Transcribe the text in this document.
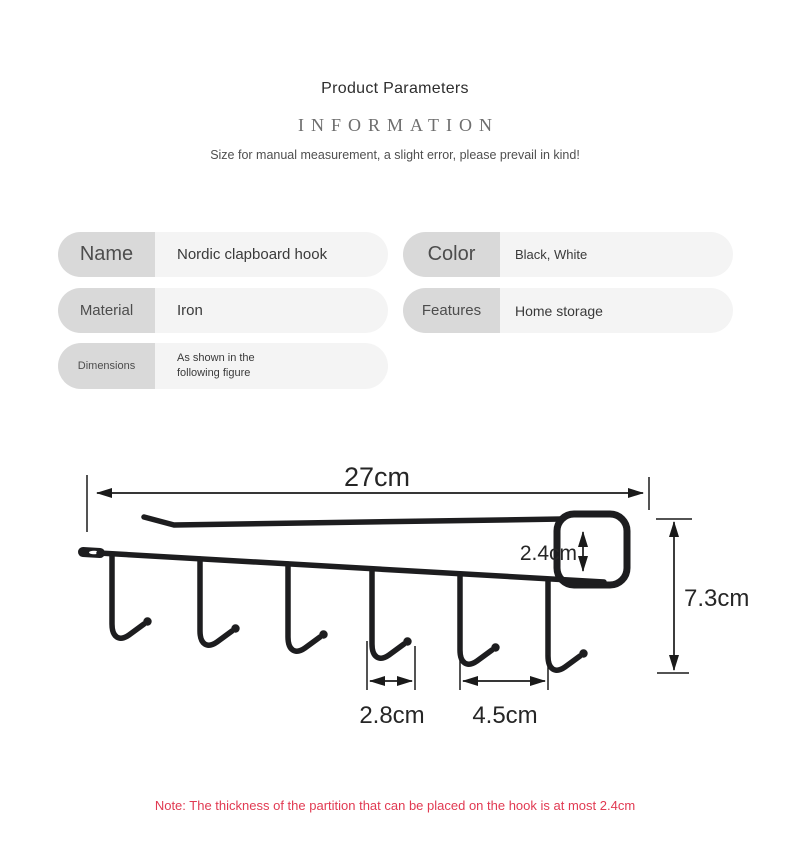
Product Parameters
INFORMATION
Size for manual measurement, a slight error, please prevail in kind!
Name	Nordic clapboard hook	Color	Black, White
Material	Iron	Features	Home storage
Dimensions
As shown in the following figure
27cm
2.4cm
7.3cm
2.8cm 4.5cm
Note: The thickness of the partition that can be placed on the hook is at most 2.4cm
